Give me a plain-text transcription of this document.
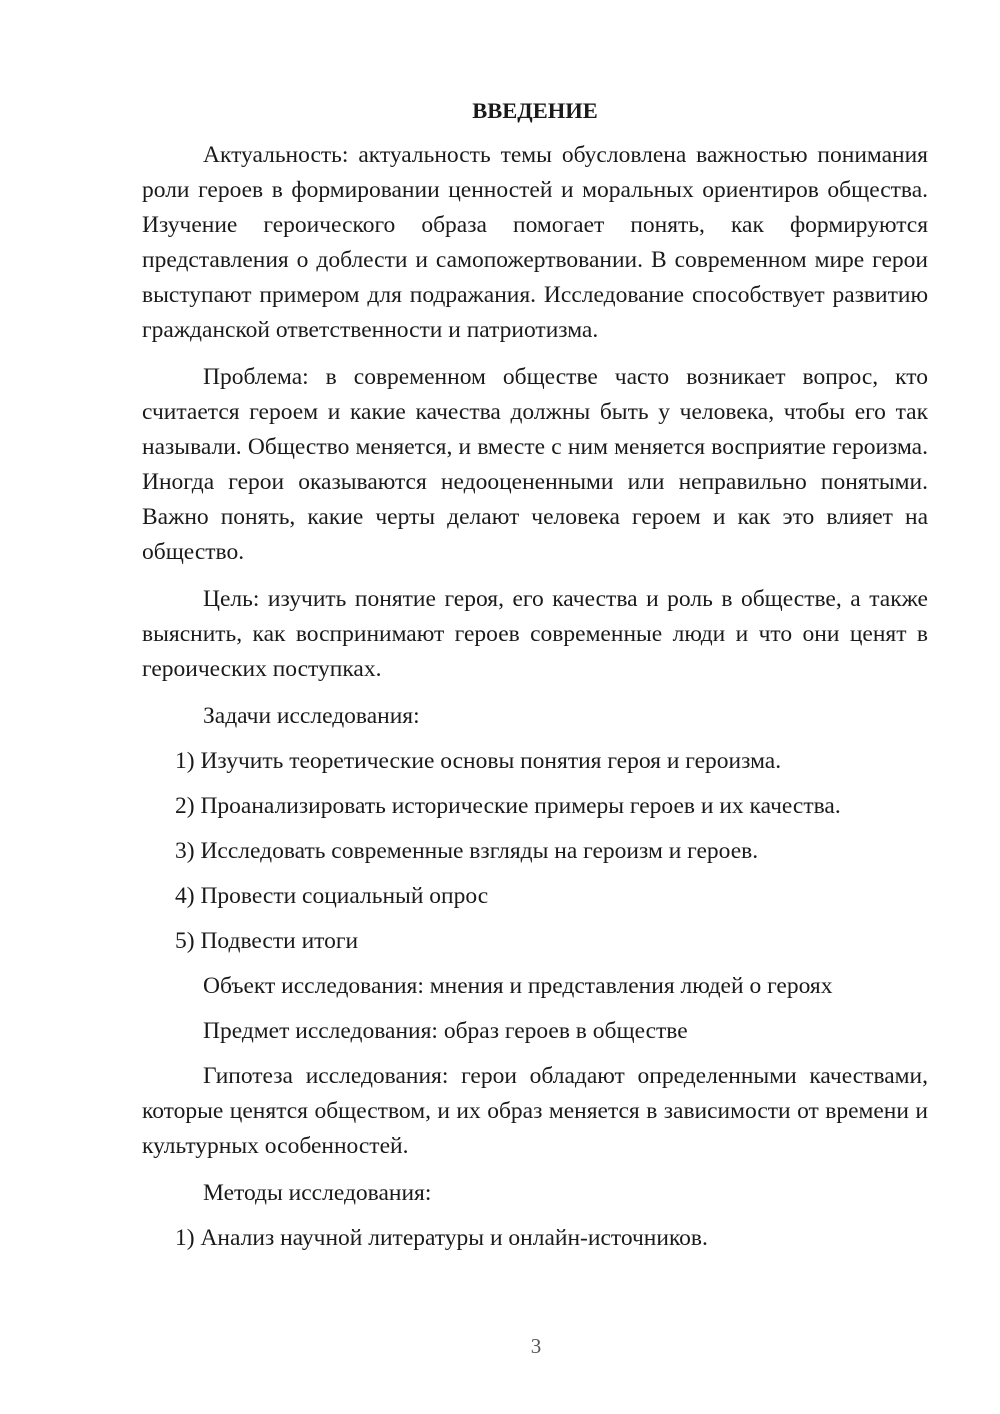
ВВЕДЕНИЕ

Актуальность: актуальность темы обусловлена важностью понимания роли героев в формировании ценностей и моральных ориентиров общества. Изучение героического образа помогает понять, как формируются представления о доблести и самопожертвовании. В современном мире герои выступают примером для подражания. Исследование способствует развитию гражданской ответственности и патриотизма.

Проблема: в современном обществе часто возникает вопрос, кто считается героем и какие качества должны быть у человека, чтобы его так называли. Общество меняется, и вместе с ним меняется восприятие героизма. Иногда герои оказываются недооцененными или неправильно понятыми. Важно понять, какие черты делают человека героем и как это влияет на общество.

Цель: изучить понятие героя, его качества и роль в обществе, а также выяснить, как воспринимают героев современные люди и что они ценят в героических поступках.

Задачи исследования:
1) Изучить теоретические основы понятия героя и героизма.
2) Проанализировать исторические примеры героев и их качества.
3) Исследовать современные взгляды на героизм и героев.
4) Провести социальный опрос
5) Подвести итоги
Объект исследования: мнения и представления людей о героях
Предмет исследования: образ героев в обществе

Гипотеза исследования: герои обладают определенными качествами, которые ценятся обществом, и их образ меняется в зависимости от времени и культурных особенностей.

Методы исследования:
1) Анализ научной литературы и онлайн-источников.
3
